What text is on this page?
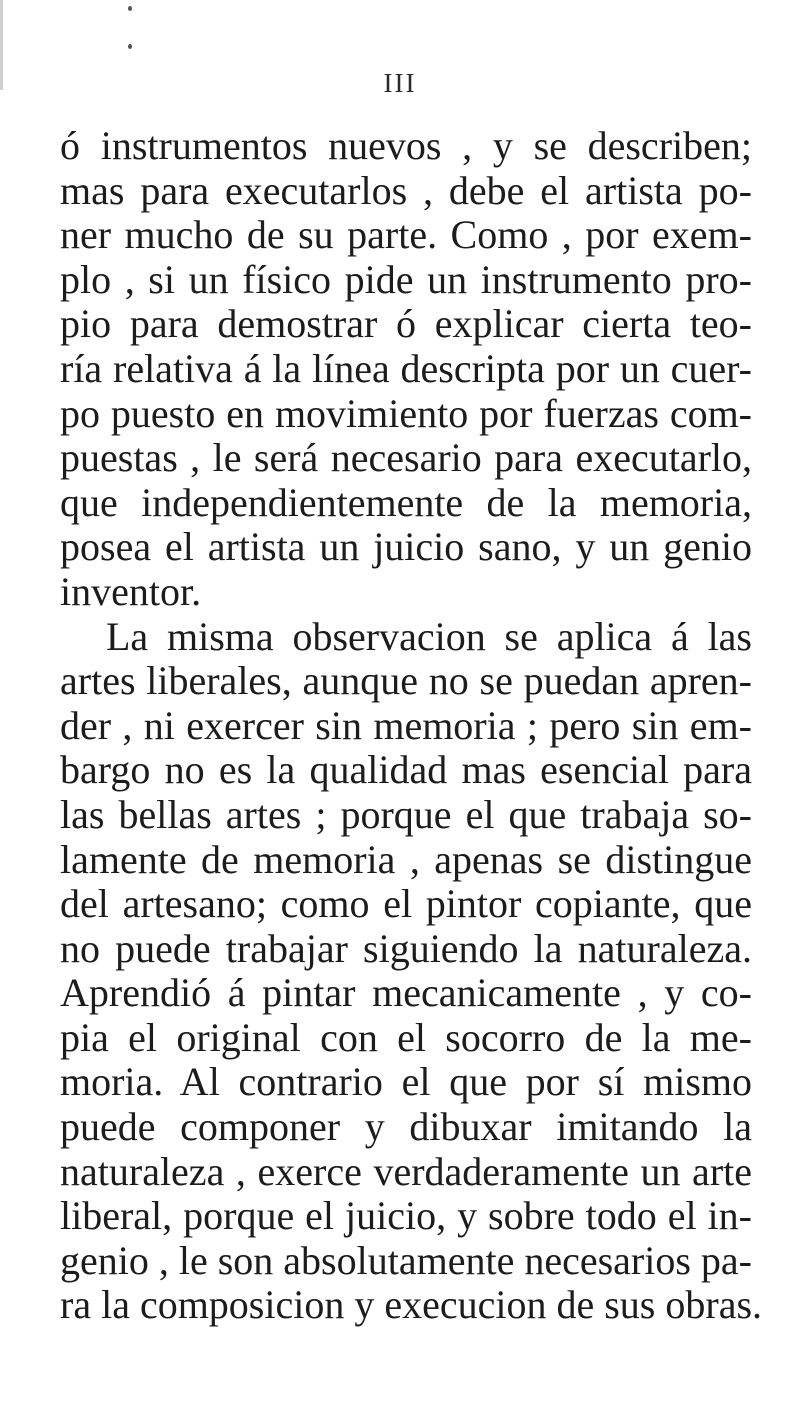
III
ó instrumentos nuevos , y se describen;
mas para executarlos , debe el artista po-
ner mucho de su parte. Como , por exem-
plo , si un físico pide un instrumento pro-
pio para demostrar ó explicar cierta teo-
ría relativa á la línea descripta por un cuer-
po puesto en movimiento por fuerzas com-
puestas , le será necesario para executarlo,
que independientemente de la memoria,
posea el artista un juicio sano, y un genio
inventor.
La misma observacion se aplica á las
artes liberales, aunque no se puedan apren-
der , ni exercer sin memoria ; pero sin em-
bargo no es la qualidad mas esencial para
las bellas artes ; porque el que trabaja so-
lamente de memoria , apenas se distingue
del artesano; como el pintor copiante, que
no puede trabajar siguiendo la naturaleza.
Aprendió á pintar mecanicamente , y co-
pia el original con el socorro de la me-
moria. Al contrario el que por sí mismo
puede componer y dibuxar imitando la
naturaleza , exerce verdaderamente un arte
liberal, porque el juicio, y sobre todo el in-
genio , le son absolutamente necesarios pa-
ra la composicion y execucion de sus obras.
